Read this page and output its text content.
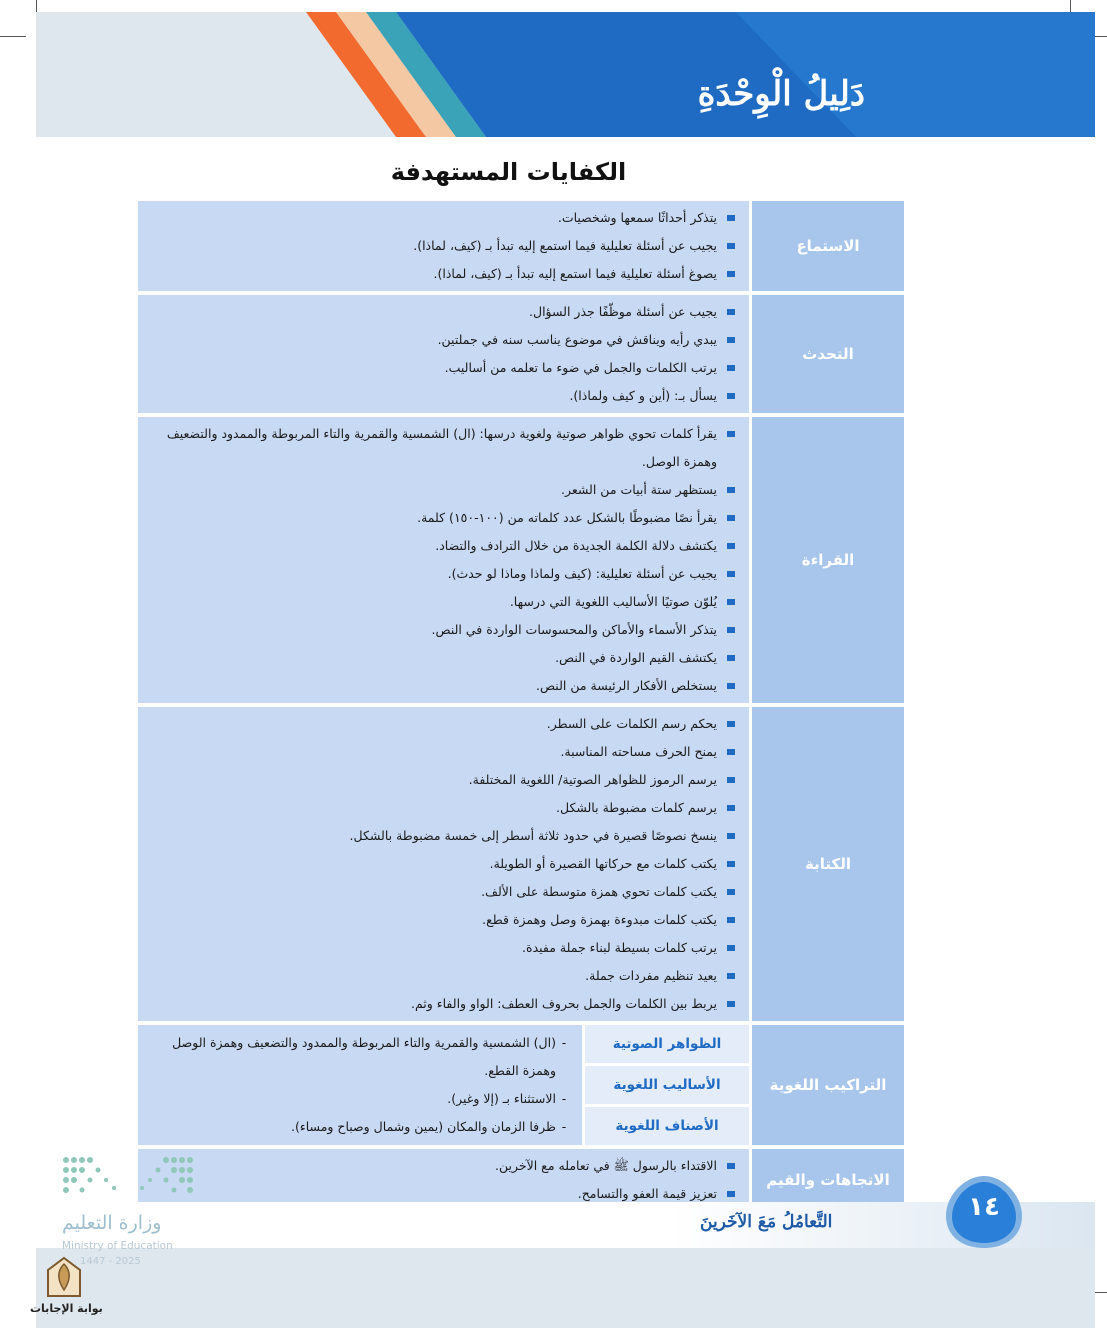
دَلِيلُ الْوِحْدَةِ
الكفايات المستهدفة
الاستماع
يتذكر أحداثًا سمعها وشخصيات.
يجيب عن أسئلة تعليلية فيما استمع إليه تبدأ بـ (كيف، لماذا).
يصوغ أسئلة تعليلية فيما استمع إليه تبدأ بـ (كيف، لماذا).
التحدث
يجيب عن أسئلة موظّفًا جذر السؤال.
يبدي رأيه ويناقش في موضوع يناسب سنه في جملتين.
يرتب الكلمات والجمل في ضوء ما تعلمه من أساليب.
يسأل بـ: (أين و كيف ولماذا).
القراءة
يقرأ كلمات تحوي ظواهر صوتية ولغوية درسها: (ال) الشمسية والقمرية والتاء المربوطة والممدود والتضعيف وهمزة الوصل.
يستظهر ستة أبيات من الشعر.
يقرأ نصًا مضبوطًا بالشكل عدد كلماته من (١٠٠-١٥٠) كلمة.
يكتشف دلالة الكلمة الجديدة من خلال الترادف والتضاد.
يجيب عن أسئلة تعليلية: (كيف ولماذا وماذا لو حدث).
يُلوّن صوتيًا الأساليب اللغوية التي درسها.
يتذكر الأسماء والأماكن والمحسوسات الواردة في النص.
يكتشف القيم الواردة في النص.
يستخلص الأفكار الرئيسة من النص.
الكتابة
يحكم رسم الكلمات على السطر.
يمنح الحرف مساحته المناسبة.
يرسم الرموز للظواهر الصوتية/ اللغوية المختلفة.
يرسم كلمات مضبوطة بالشكل.
ينسخ نصوصًا قصيرة في حدود ثلاثة أسطر إلى خمسة مضبوطة بالشكل.
يكتب كلمات مع حركاتها القصيرة أو الطويلة.
يكتب كلمات تحوي همزة متوسطة على الألف.
يكتب كلمات مبدوءة بهمزة وصل وهمزة قطع.
يرتب كلمات بسيطة لبناء جملة مفيدة.
يعيد تنظيم مفردات جملة.
يربط بين الكلمات والجمل بحروف العطف: الواو والفاء وثم.
التراكيب اللغوية
الظواهر الصوتية
الأساليب اللغوية
الأصناف اللغوية
-
(ال) الشمسية والقمرية والتاء المربوطة والممدود والتضعيف وهمزة الوصل وهمزة القطع.
-
الاستثناء بـ (إلا وغير).
-
ظرفا الزمان والمكان (يمين وشمال وصباح ومساء).
الاتجاهات والقيم
الاقتداء بالرسول ﷺ في تعامله مع الآخرين.
تعزيز قيمة العفو والتسامح.
التَّعامُلُ مَعَ الآخَرينَ	١٤
وزارة التعليم
Ministry of Education
2025 - 1447
بوابة الإجابات
